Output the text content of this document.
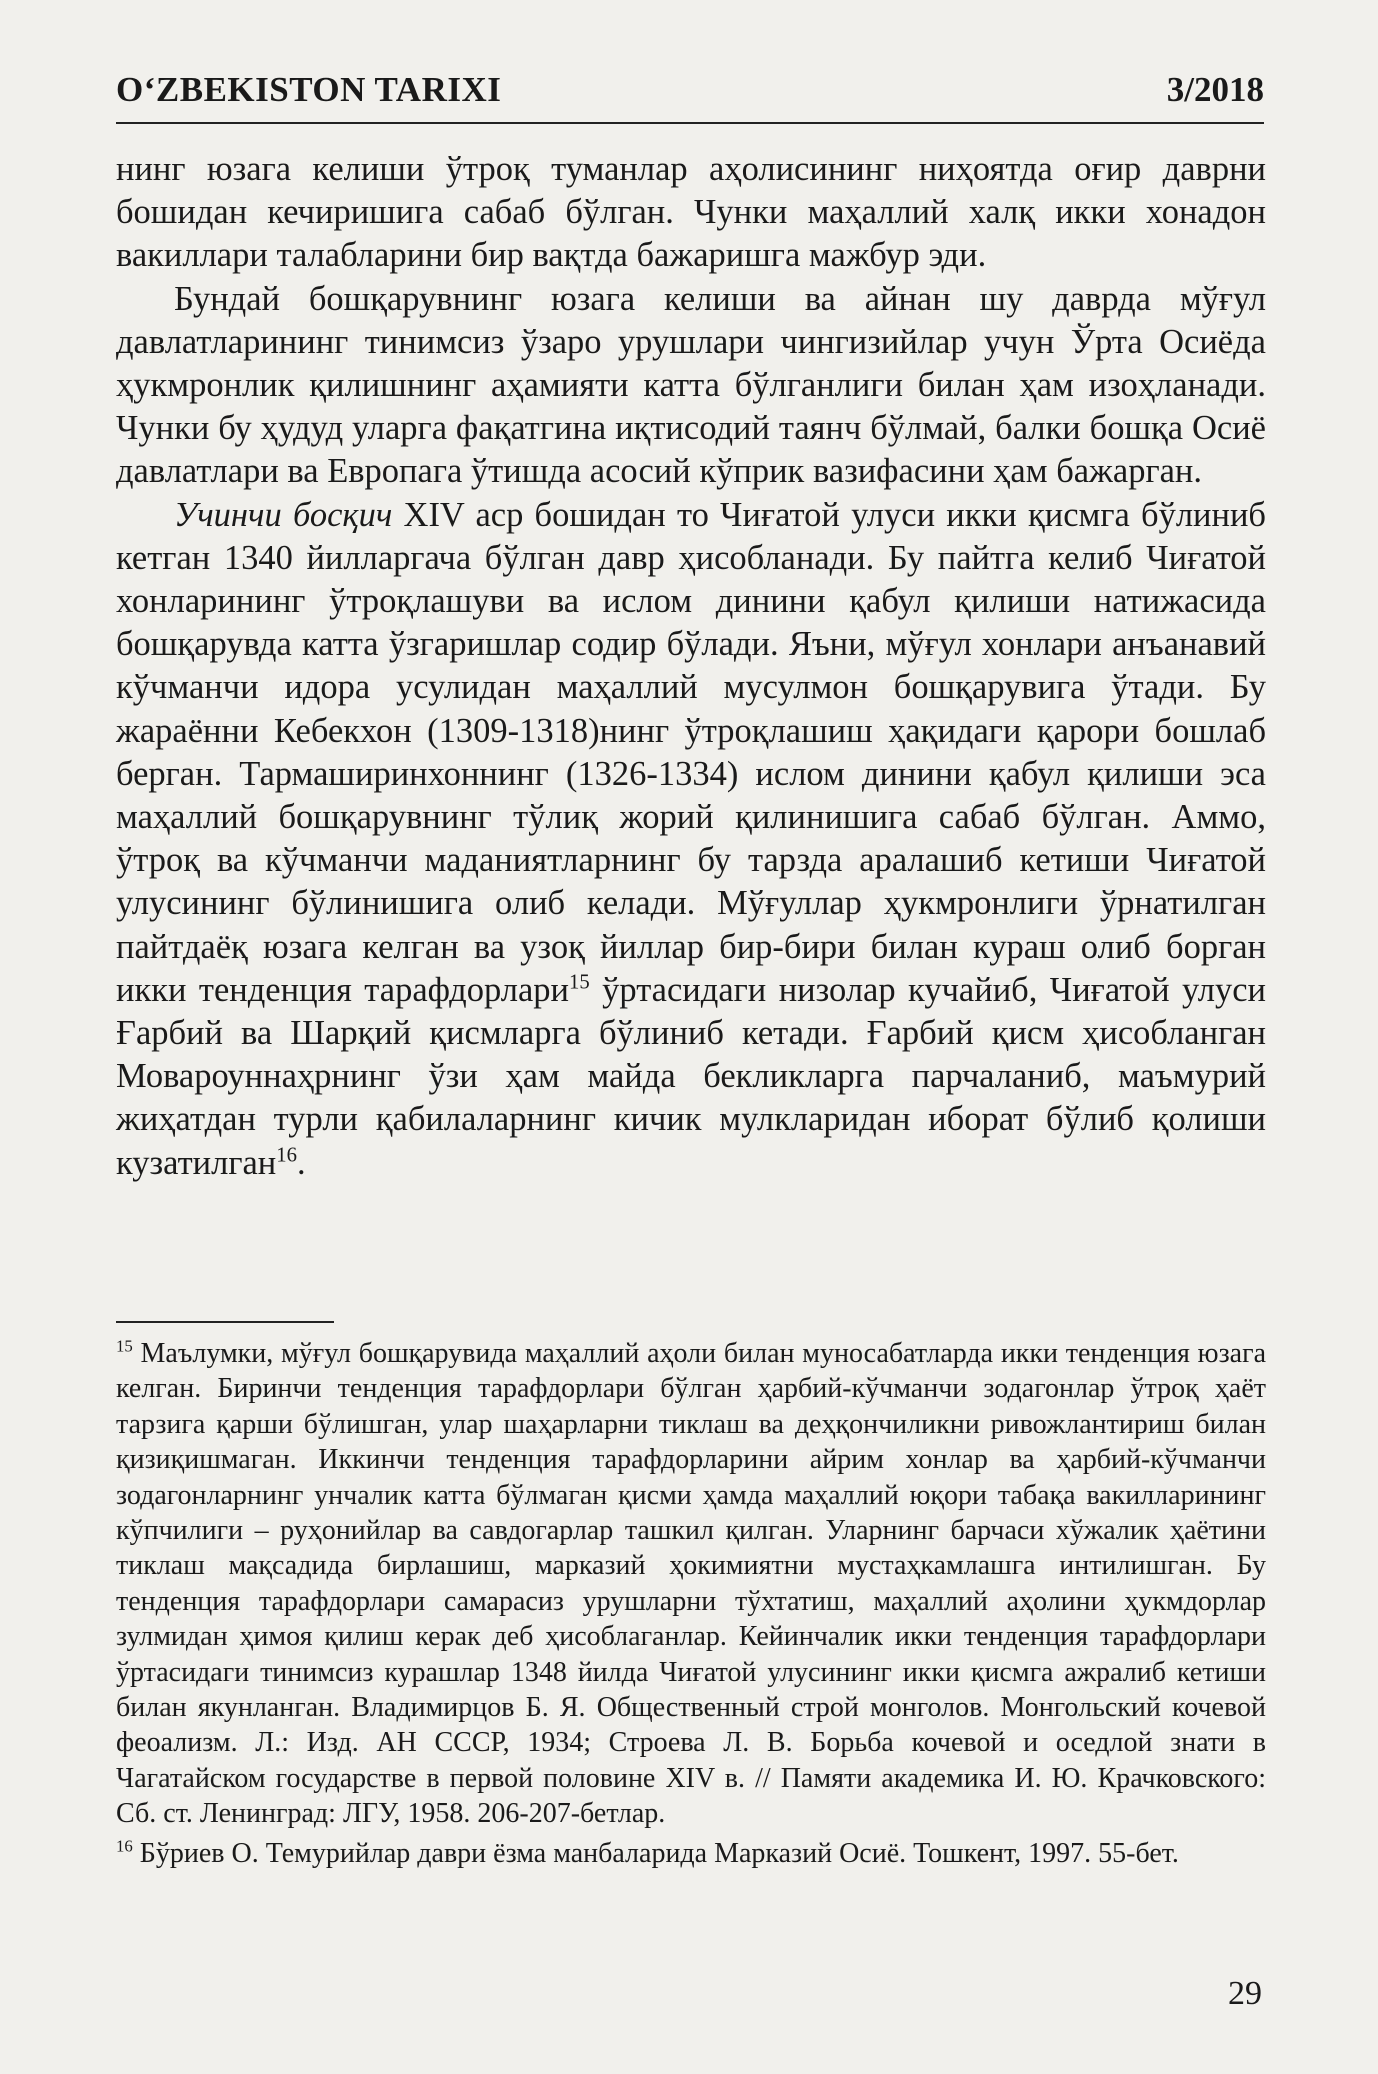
O‘ZBEKISTON TARIXI	3/2018

нинг юзага келиши ўтроқ туманлар аҳолисининг ниҳоятда оғир даврни бошидан кечиришига сабаб бўлган. Чунки маҳаллий халқ икки хонадон вакиллари талабларини бир вақтда бажаришга мажбур эди.

Бундай бошқарувнинг юзага келиши ва айнан шу даврда мўғул давлатларининг тинимсиз ўзаро урушлари чингизийлар учун Ўрта Осиёда ҳукмронлик қилишнинг аҳамияти катта бўлганлиги билан ҳам изоҳланади. Чунки бу ҳудуд уларга фақатгина иқтисодий таянч бўлмай, балки бошқа Осиё давлатлари ва Европага ўтишда асосий кўприк вазифасини ҳам бажарган.

Учинчи босқич XIV аср бошидан то Чиғатой улуси икки қисмга бўлиниб кетган 1340 йилларгача бўлган давр ҳисобланади. Бу пайтга келиб Чиғатой хонларининг ўтроқлашуви ва ислом динини қабул қилиши натижасида бошқарувда катта ўзгаришлар содир бўлади. Яъни, мўғул хонлари анъанавий кўчманчи идора усулидан маҳаллий мусулмон бошқарувига ўтади. Бу жараённи Кебекхон (1309-1318)нинг ўтроқлашиш ҳақидаги қарори бошлаб берган. Тармаширинхоннинг (1326-1334) ислом динини қабул қилиши эса маҳаллий бошқарувнинг тўлиқ жорий қилинишига сабаб бўлган. Аммо, ўтроқ ва кўчманчи маданиятларнинг бу тарзда аралашиб кетиши Чиғатой улусининг бўлинишига олиб келади. Мўғуллар ҳукмронлиги ўрнатилган пайтдаёқ юзага келган ва узоқ йиллар бир-бири билан кураш олиб борган икки тенденция тарафдорлари$^{15}$ ўртасидаги низолар кучайиб, Чиғатой улуси Ғарбий ва Шарқий қисмларга бўлиниб кетади. Ғарбий қисм ҳисобланган Мовароуннаҳрнинг ўзи ҳам майда бекликларга парчаланиб, маъмурий жиҳатдан турли қабилаларнинг кичик мулкларидан иборат бўлиб қолиши кузатилган$^{16}$.

$^{15}$ Маълумки, мўғул бошқарувида маҳаллий аҳоли билан муносабатларда икки тенденция юзага келган. Биринчи тенденция тарафдорлари бўлган ҳарбий-кўчманчи зодагонлар ўтроқ ҳаёт тарзига қарши бўлишган, улар шаҳарларни тиклаш ва деҳқончиликни ривожлантириш билан қизиқишмаган. Иккинчи тенденция тарафдорларини айрим хонлар ва ҳарбий-кўчманчи зодагонларнинг унчалик катта бўлмаган қисми ҳамда маҳаллий юқори табақа вакилларининг кўпчилиги – руҳонийлар ва савдогарлар ташкил қилган. Уларнинг барчаси хўжалик ҳаётини тиклаш мақсадида бирлашиш, марказий ҳокимиятни мустаҳкамлашга интилишган. Бу тенденция тарафдорлари самарасиз урушларни тўхтатиш, маҳаллий аҳолини ҳукмдорлар зулмидан ҳимоя қилиш керак деб ҳисоблаганлар. Кейинчалик икки тенденция тарафдорлари ўртасидаги тинимсиз курашлар 1348 йилда Чиғатой улусининг икки қисмга ажралиб кетиши билан якунланган. Владимирцов Б. Я. Общественный строй монголов. Монгольский кочевой феоализм. Л.: Изд. АН СССР, 1934; Строева Л. В. Борьба кочевой и оседлой знати в Чагатайском государстве в первой половине XIV в. // Памяти академика И. Ю. Крачковского: Сб. ст. Ленинград: ЛГУ, 1958. 206-207-бетлар.

$^{16}$ Бўриев О. Темурийлар даври ёзма манбаларида Марказий Осиё. Тошкент, 1997. 55-бет.

29
